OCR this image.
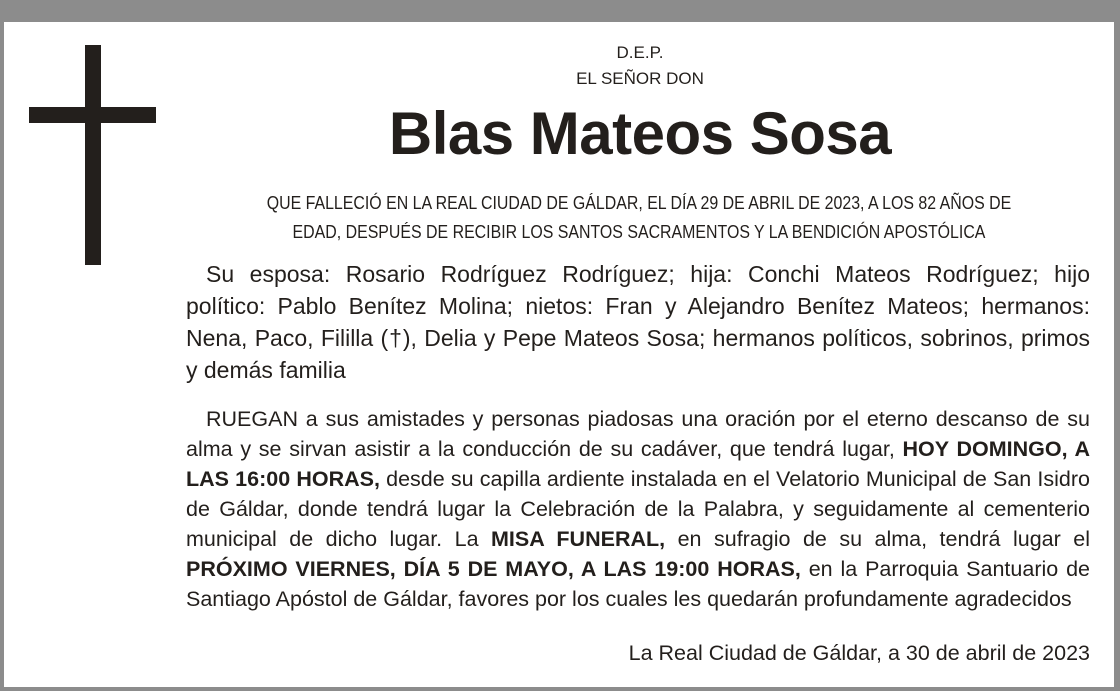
D.E.P.
EL SEÑOR DON
Blas Mateos Sosa
QUE FALLECIÓ EN LA REAL CIUDAD DE GÁLDAR, EL DÍA 29 DE ABRIL DE 2023, A LOS 82 AÑOS DE EDAD, DESPUÉS DE RECIBIR LOS SANTOS SACRAMENTOS Y LA BENDICIÓN APOSTÓLICA
Su esposa: Rosario Rodríguez Rodríguez; hija: Conchi Mateos Rodríguez; hijo político: Pablo Benítez Molina; nietos: Fran y Alejandro Benítez Mateos; hermanos: Nena, Paco, Fililla (†), Delia y Pepe Mateos Sosa; hermanos políticos, sobrinos, primos y demás familia
RUEGAN a sus amistades y personas piadosas una oración por el eterno descanso de su alma y se sirvan asistir a la conducción de su cadáver, que tendrá lugar, HOY DOMINGO, A LAS 16:00 HORAS, desde su capilla ardiente instalada en el Velatorio Municipal de San Isidro de Gáldar, donde tendrá lugar la Celebración de la Palabra, y seguidamente al cementerio municipal de dicho lugar. La MISA FUNERAL, en sufragio de su alma, tendrá lugar el PRÓXIMO VIERNES, DÍA 5 DE MAYO, A LAS 19:00 HORAS, en la Parroquia Santuario de Santiago Apóstol de Gáldar, favores por los cuales les quedarán profundamente agradecidos
La Real Ciudad de Gáldar, a 30 de abril de 2023
